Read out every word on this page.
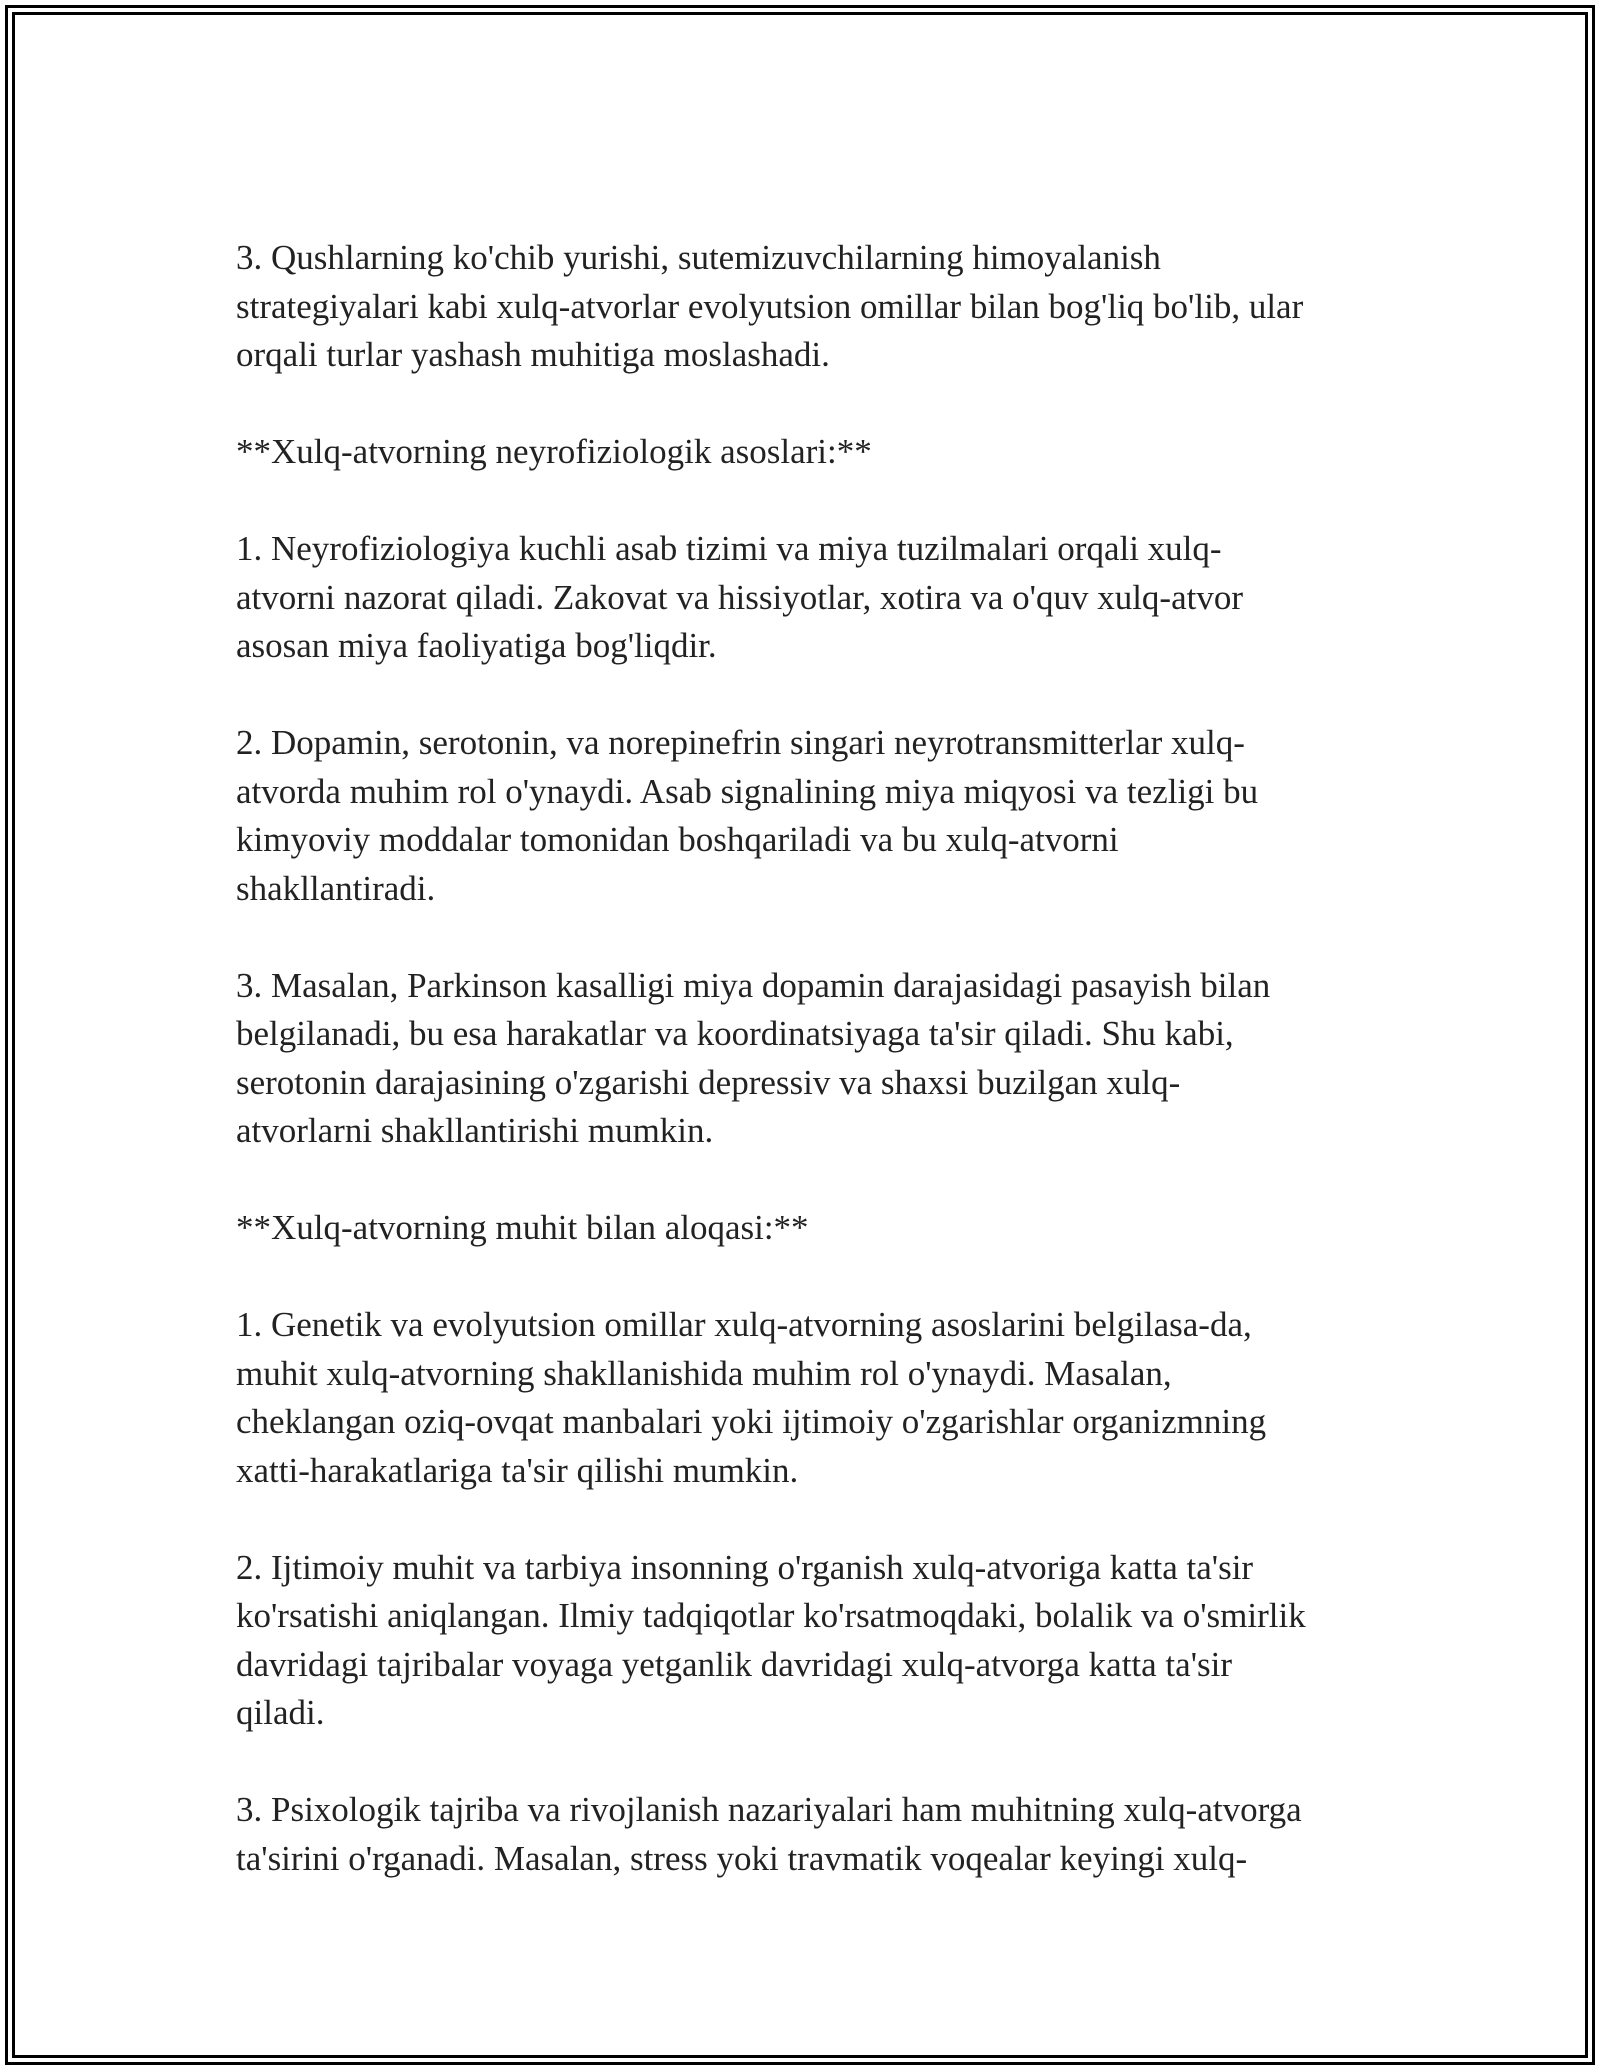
3. Qushlarning ko'chib yurishi, sutemizuvchilarning himoyalanish
strategiyalari kabi xulq-atvorlar evolyutsion omillar bilan bog'liq bo'lib, ular
orqali turlar yashash muhitiga moslashadi.
**Xulq-atvorning neyrofiziologik asoslari:**
1. Neyrofiziologiya kuchli asab tizimi va miya tuzilmalari orqali xulq-
atvorni nazorat qiladi. Zakovat va hissiyotlar, xotira va o'quv xulq-atvor
asosan miya faoliyatiga bog'liqdir.
2. Dopamin, serotonin, va norepinefrin singari neyrotransmitterlar xulq-
atvorda muhim rol o'ynaydi. Asab signalining miya miqyosi va tezligi bu
kimyoviy moddalar tomonidan boshqariladi va bu xulq-atvorni
shakllantiradi.
3. Masalan, Parkinson kasalligi miya dopamin darajasidagi pasayish bilan
belgilanadi, bu esa harakatlar va koordinatsiyaga ta'sir qiladi. Shu kabi,
serotonin darajasining o'zgarishi depressiv va shaxsi buzilgan xulq-
atvorlarni shakllantirishi mumkin.
**Xulq-atvorning muhit bilan aloqasi:**
1. Genetik va evolyutsion omillar xulq-atvorning asoslarini belgilasa-da,
muhit xulq-atvorning shakllanishida muhim rol o'ynaydi. Masalan,
cheklangan oziq-ovqat manbalari yoki ijtimoiy o'zgarishlar organizmning
xatti-harakatlariga ta'sir qilishi mumkin.
2. Ijtimoiy muhit va tarbiya insonning o'rganish xulq-atvoriga katta ta'sir
ko'rsatishi aniqlangan. Ilmiy tadqiqotlar ko'rsatmoqdaki, bolalik va o'smirlik
davridagi tajribalar voyaga yetganlik davridagi xulq-atvorga katta ta'sir
qiladi.
3. Psixologik tajriba va rivojlanish nazariyalari ham muhitning xulq-atvorga
ta'sirini o'rganadi. Masalan, stress yoki travmatik voqealar keyingi xulq-
